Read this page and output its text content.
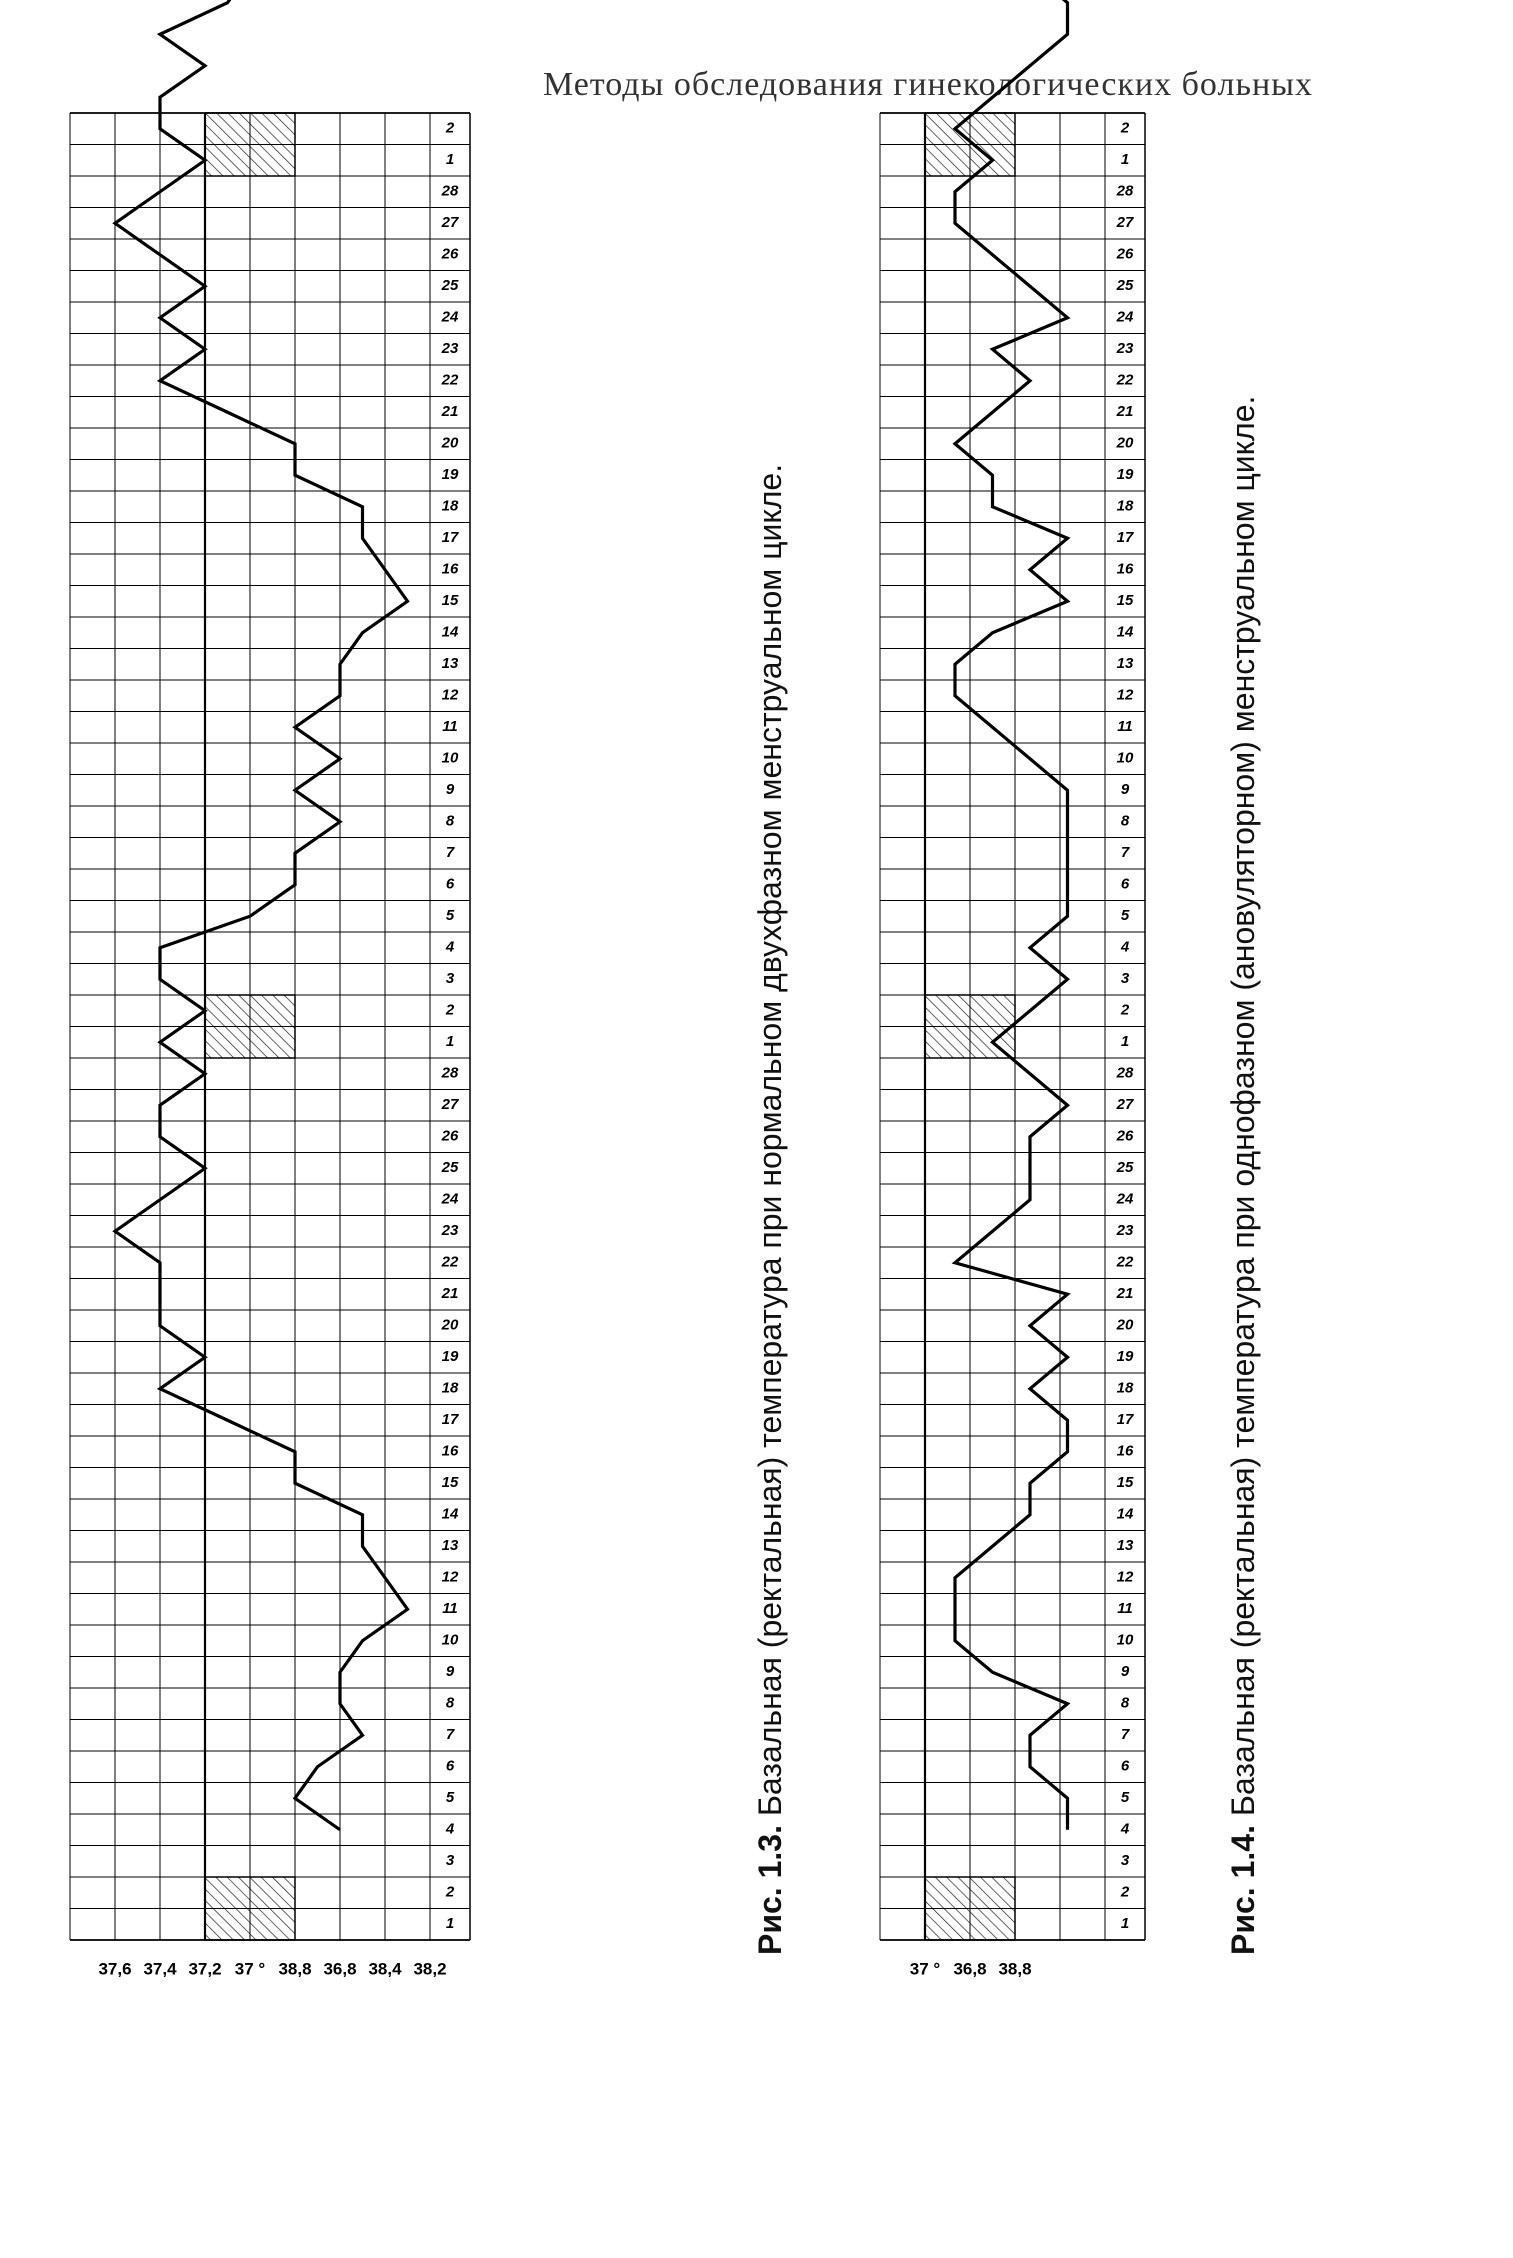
Методы обследования гинекологических больных
1
2
3
4
5
6
7
8
9
10
11
12
13
14
15
16
17
18
19
20
21
22
23
24
25
26
27
28
1
2
3
4
5
6
7
8
9
10
11
12
13
14
15
16
17
18
19
20
21
22
23
24
25
26
27
28
1
2
37,6 37,4 37,2 37 ° 38,8 36,8 38,4 38,2
Рис. 1.3. Базальная (ректальная) температура при нормальном двухфазном менструальном цикле.
1
2
3
4
5
6
7
8
9
10
11
12
13
14
15
16
17
18
19
20
21
22
23
24
25
26
27
28
1
2
3
4
5
6
7
8
9
10
11
12
13
14
15
16
17
18
19
20
21
22
23
24
25
26
27
28
1
2
37 ° 36,8 38,8
Рис. 1.4. Базальная (ректальная) температура при однофазном (ановуляторном) менструальном цикле.
